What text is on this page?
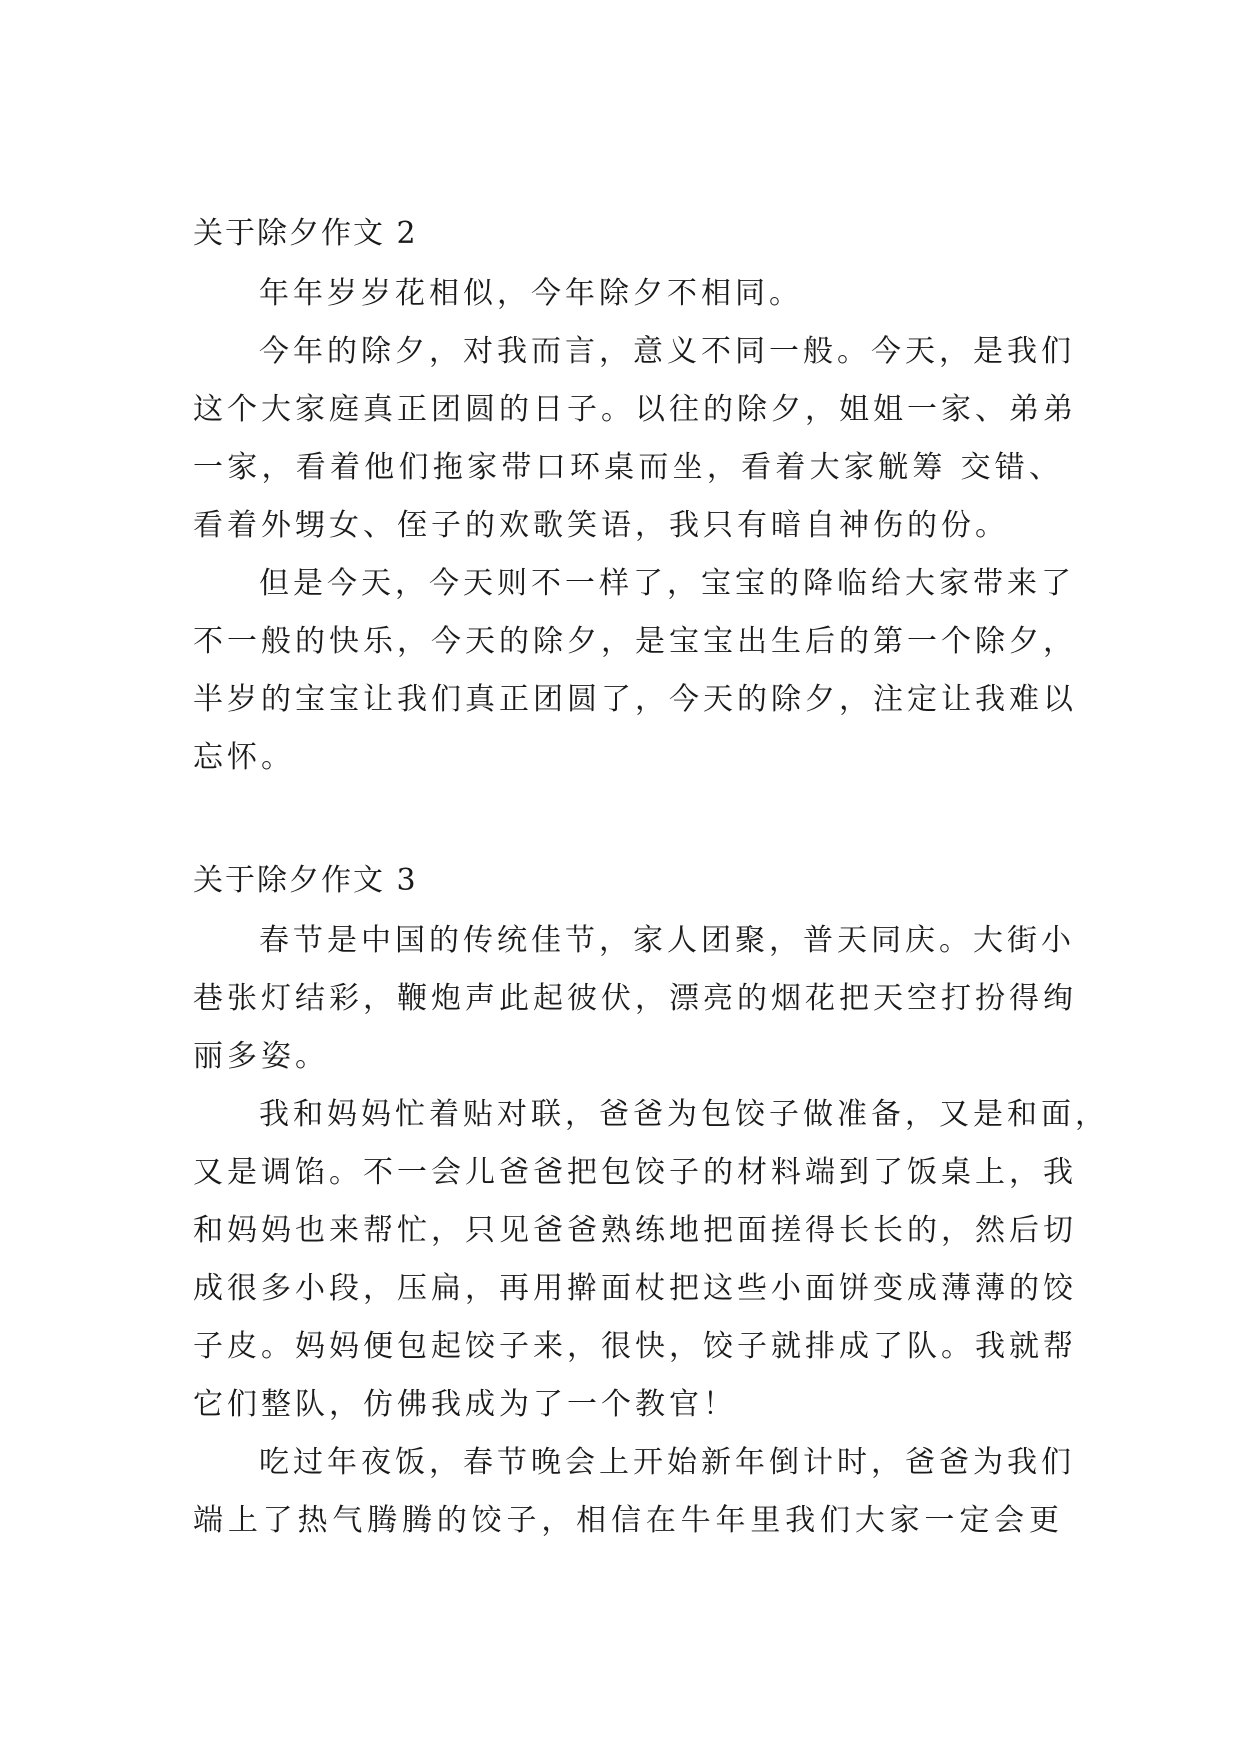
关于除夕作文 2

年年岁岁花相似，今年除夕不相同。

今年的除夕，对我而言，意义不同一般。今天，是我们
这个大家庭真正团圆的日子。以往的除夕，姐姐一家、弟弟
一家，看着他们拖家带口环桌而坐，看着大家觥筹 交错、
看着外甥女、侄子的欢歌笑语，我只有暗自神伤的份。

但是今天，今天则不一样了，宝宝的降临给大家带来了
不一般的快乐，今天的除夕，是宝宝出生后的第一个除夕，
半岁的宝宝让我们真正团圆了，今天的除夕，注定让我难以
忘怀。

关于除夕作文 3

春节是中国的传统佳节，家人团聚，普天同庆。大街小
巷张灯结彩，鞭炮声此起彼伏，漂亮的烟花把天空打扮得绚
丽多姿。

我和妈妈忙着贴对联，爸爸为包饺子做准备，又是和面，
又是调馅。不一会儿爸爸把包饺子的材料端到了饭桌上，我
和妈妈也来帮忙，只见爸爸熟练地把面搓得长长的，然后切
成很多小段，压扁，再用擀面杖把这些小面饼变成薄薄的饺
子皮。妈妈便包起饺子来，很快，饺子就排成了队。我就帮
它们整队，仿佛我成为了一个教官！

吃过年夜饭，春节晚会上开始新年倒计时，爸爸为我们
端上了热气腾腾的饺子，相信在牛年里我们大家一定会更
